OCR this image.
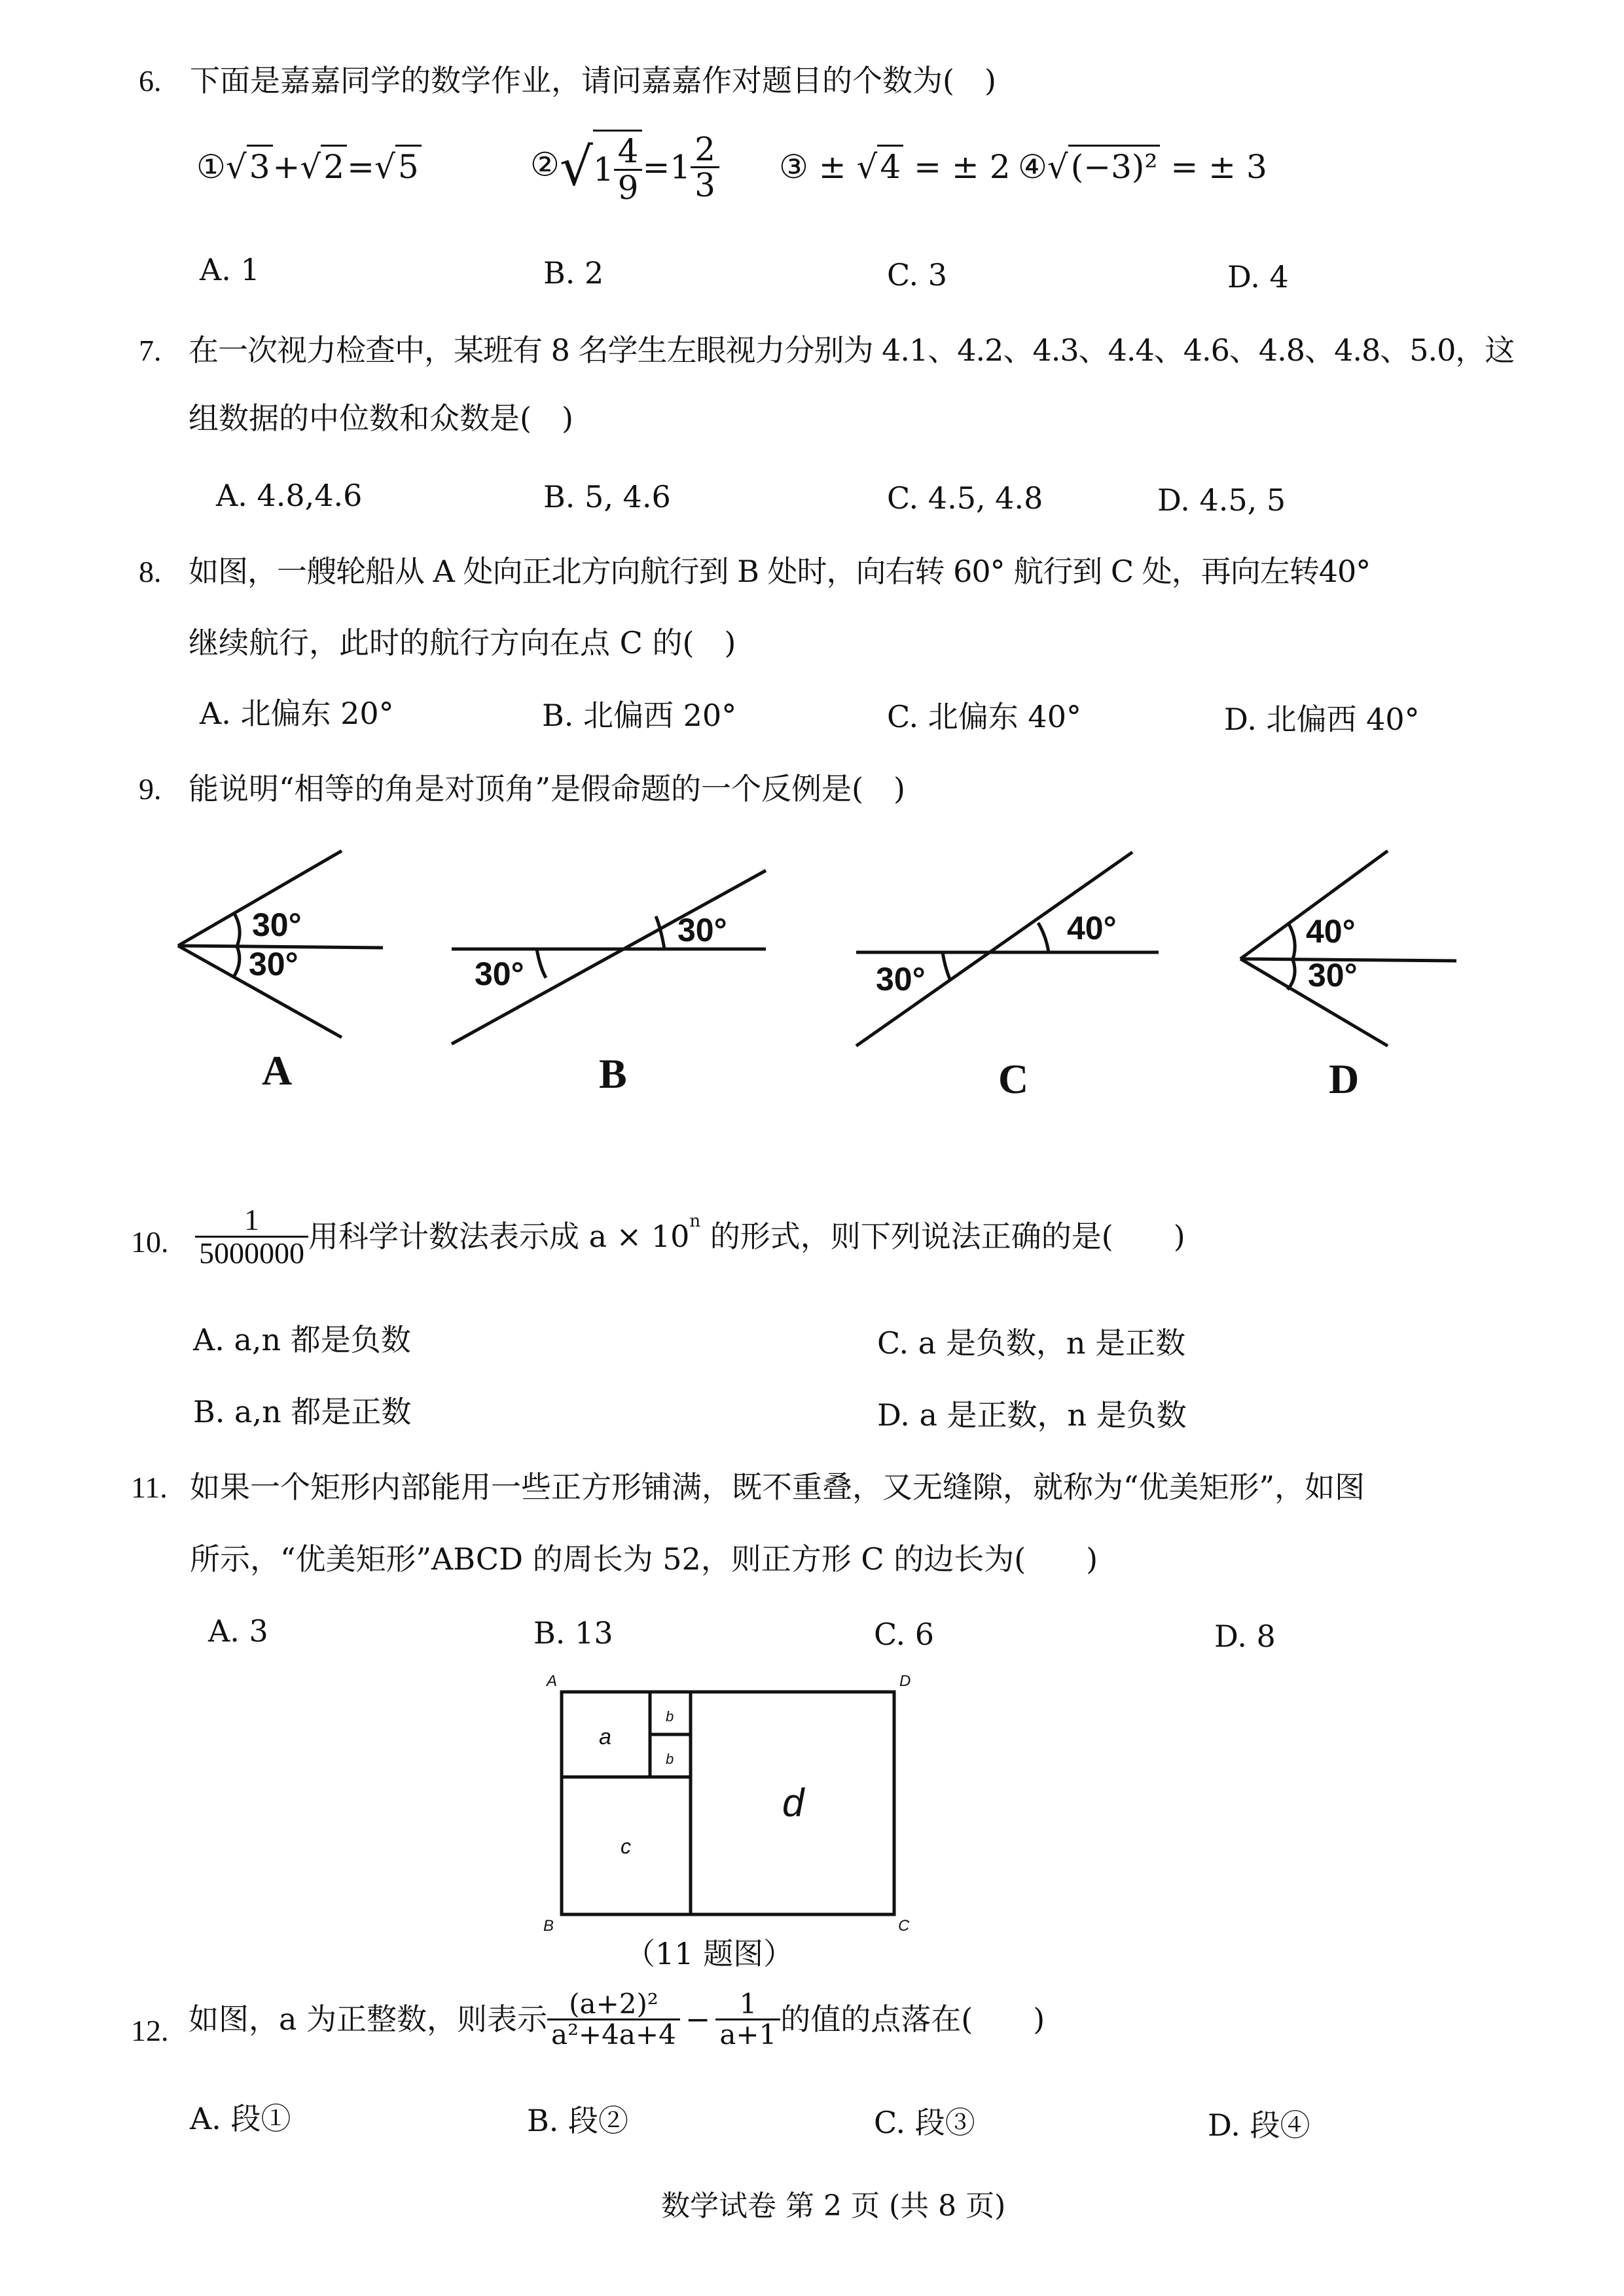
6. 下面是嘉嘉同学的数学作业，请问嘉嘉作对题目的个数为(　)
①√3+√2=√5	②√1 $\frac{4}{9} =1 \frac{2}{3}$ ③ ± √4 = ± 2 ④√(−3)² = ± 3
A. 1	B. 2	C. 3	D. 4
7. 在一次视力检查中，某班有 8 名学生左眼视力分别为 4.1、4.2、4.3、4.4、4.6、4.8、4.8、5.0，这
组数据的中位数和众数是(　)
A. 4.8,4.6	B. 5, 4.6	C. 4.5, 4.8	D. 4.5, 5
8. 如图，一艘轮船从 A 处向正北方向航行到 B 处时，向右转 60° 航行到 C 处，再向左转40°
继续航行，此时的航行方向在点 C 的(　)
A. 北偏东 20°	B. 北偏西 20°	C. 北偏东 40°	D. 北偏西 40°
9. 能说明“相等的角是对顶角”是假命题的一个反例是(　)
30°
30°	30°
30°
30°
40°	40°
30°
A	B	C	D
10. $\frac{1}{5000000}$ 用科学计数法表示成 $a \times 10^n$ 的形式，则下列说法正确的是(　　)
A. a,n 都是负数	C. a 是负数，n 是正数
B. a,n 都是正数	D. a 是正数，n 是负数
11. 如果一个矩形内部能用一些正方形铺满，既不重叠，又无缝隙，就称为“优美矩形”，如图
所示，“优美矩形”ABCD 的周长为 52，则正方形 C 的边长为(　　)
A. 3	B. 13	C. 6	D. 8
A	D
B	C
a
b
b
c
d
（11 题图）
12. 如图，a 为正整数，则表示 $\frac{\text{(a+2)²}}{\text{a²+4a+4}} - \frac{1}{a+1}$ 的值的点落在(　　)
A. 段①	B. 段②	C. 段③	D. 段④
数学试卷 第 2 页 (共 8 页)
